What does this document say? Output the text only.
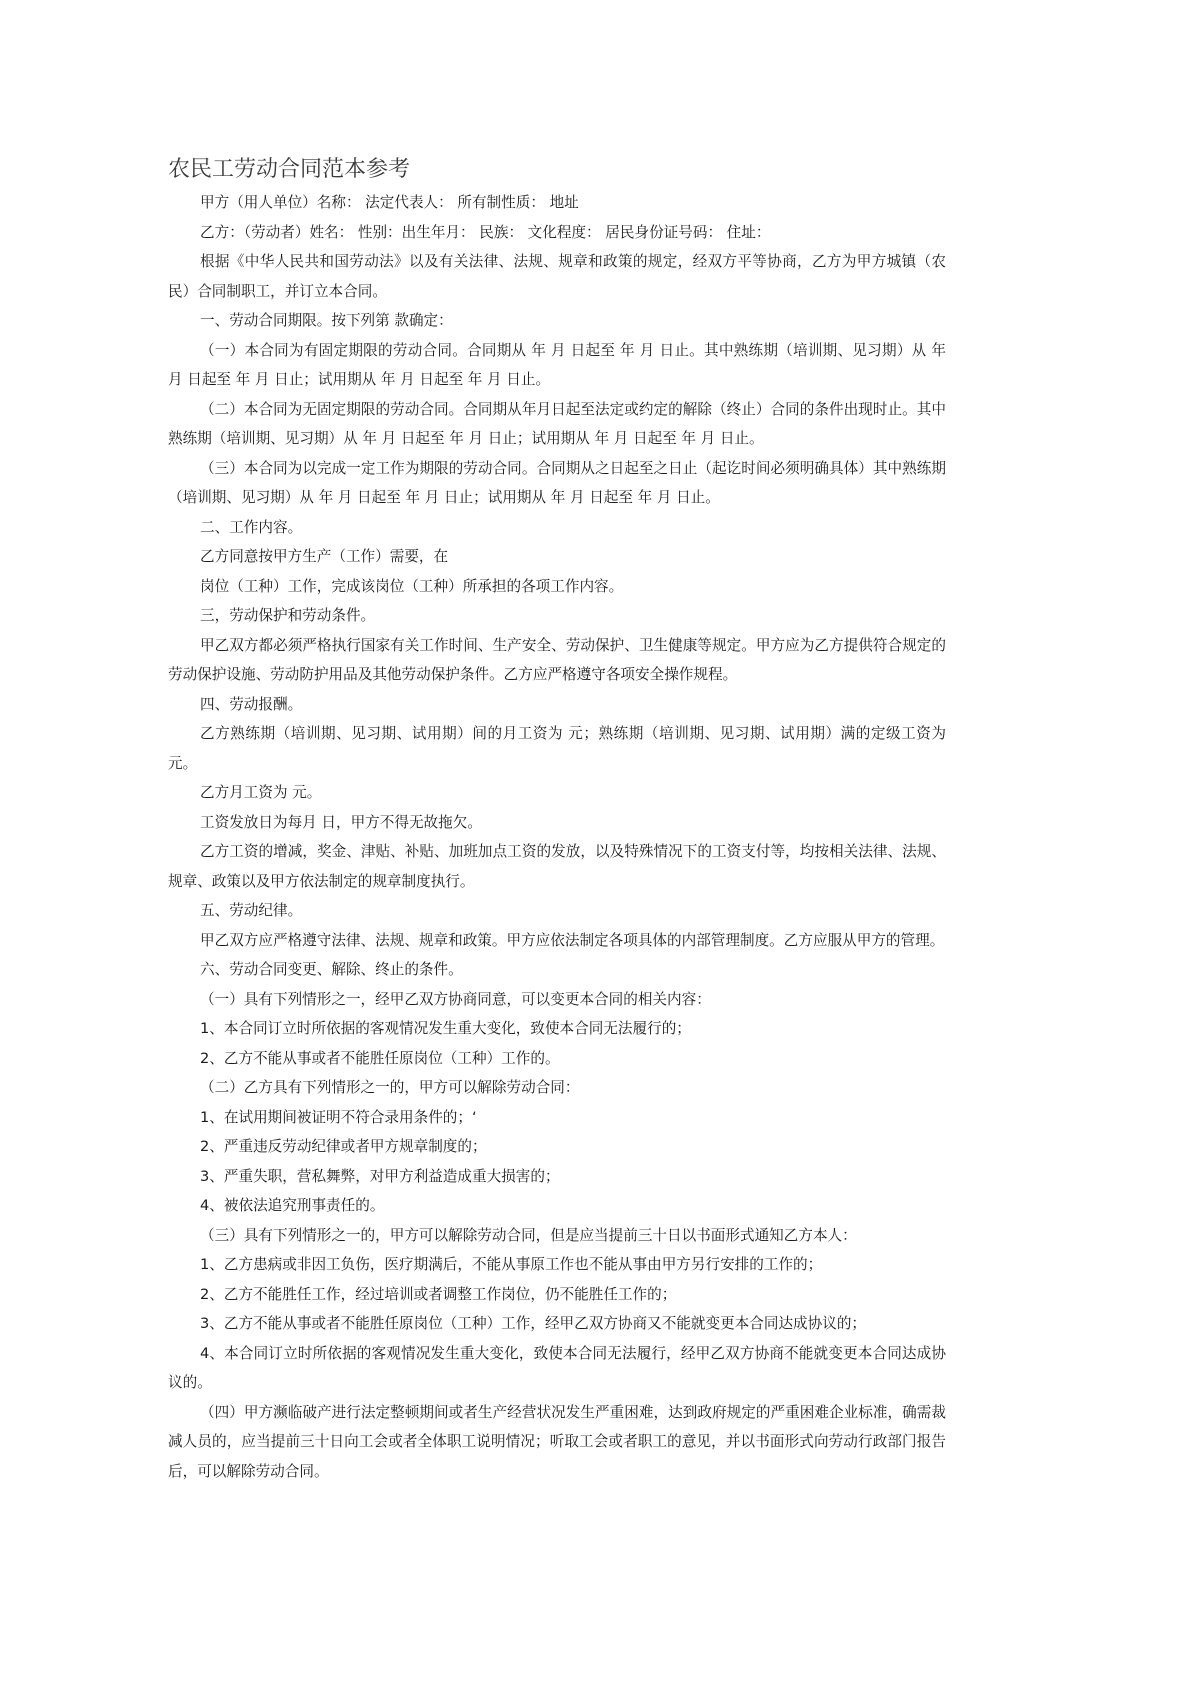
农民工劳动合同范本参考

甲方（用人单位）名称： 法定代表人： 所有制性质： 地址

乙方：（劳动者）姓名： 性别：出生年月： 民族： 文化程度： 居民身份证号码： 住址：

根据《中华人民共和国劳动法》以及有关法律、法规、规章和政策的规定，经双方平等协商，乙方为甲方城镇（农民）合同制职工，并订立本合同。

一、劳动合同期限。按下列第 款确定：

（一）本合同为有固定期限的劳动合同。合同期从 年 月 日起至 年 月 日止。其中熟练期（培训期、见习期）从 年 月 日起至 年 月 日止；试用期从 年 月 日起至 年 月 日止。

（二）本合同为无固定期限的劳动合同。合同期从年月日起至法定或约定的解除（终止）合同的条件出现时止。其中熟练期（培训期、见习期）从 年 月 日起至 年 月 日止；试用期从 年 月 日起至 年 月 日止。

（三）本合同为以完成一定工作为期限的劳动合同。合同期从之日起至之日止（起讫时间必须明确具体）其中熟练期（培训期、见习期）从 年 月 日起至 年 月 日止；试用期从 年 月 日起至 年 月 日止。

二、工作内容。

乙方同意按甲方生产（工作）需要，在

岗位（工种）工作，完成该岗位（工种）所承担的各项工作内容。

三，劳动保护和劳动条件。

甲乙双方都必须严格执行国家有关工作时间、生产安全、劳动保护、卫生健康等规定。甲方应为乙方提供符合规定的劳动保护设施、劳动防护用品及其他劳动保护条件。乙方应严格遵守各项安全操作规程。

四、劳动报酬。

乙方熟练期（培训期、见习期、试用期）间的月工资为 元；熟练期（培训期、见习期、试用期）满的定级工资为 元。

乙方月工资为 元。

工资发放日为每月 日，甲方不得无故拖欠。

乙方工资的增减，奖金、津贴、补贴、加班加点工资的发放，以及特殊情况下的工资支付等，均按相关法律、法规、规章、政策以及甲方依法制定的规章制度执行。

五、劳动纪律。

甲乙双方应严格遵守法律、法规、规章和政策。甲方应依法制定各项具体的内部管理制度。乙方应服从甲方的管理。

六、劳动合同变更、解除、终止的条件。

（一）具有下列情形之一，经甲乙双方协商同意，可以变更本合同的相关内容：

1、本合同订立时所依据的客观情况发生重大变化，致使本合同无法履行的；

2、乙方不能从事或者不能胜任原岗位（工种）工作的。

（二）乙方具有下列情形之一的，甲方可以解除劳动合同：

1、在试用期间被证明不符合录用条件的；‘

2、严重违反劳动纪律或者甲方规章制度的；

3、严重失职，营私舞弊，对甲方利益造成重大损害的；

4、被依法追究刑事责任的。

（三）具有下列情形之一的，甲方可以解除劳动合同，但是应当提前三十日以书面形式通知乙方本人：

1、乙方患病或非因工负伤，医疗期满后，不能从事原工作也不能从事由甲方另行安排的工作的；

2、乙方不能胜任工作，经过培训或者调整工作岗位，仍不能胜任工作的；

3、乙方不能从事或者不能胜任原岗位（工种）工作，经甲乙双方协商又不能就变更本合同达成协议的；

4、本合同订立时所依据的客观情况发生重大变化，致使本合同无法履行，经甲乙双方协商不能就变更本合同达成协议的。

（四）甲方濒临破产进行法定整顿期间或者生产经营状况发生严重困难，达到政府规定的严重困难企业标准，确需裁减人员的，应当提前三十日向工会或者全体职工说明情况；听取工会或者职工的意见，并以书面形式向劳动行政部门报告后，可以解除劳动合同。
